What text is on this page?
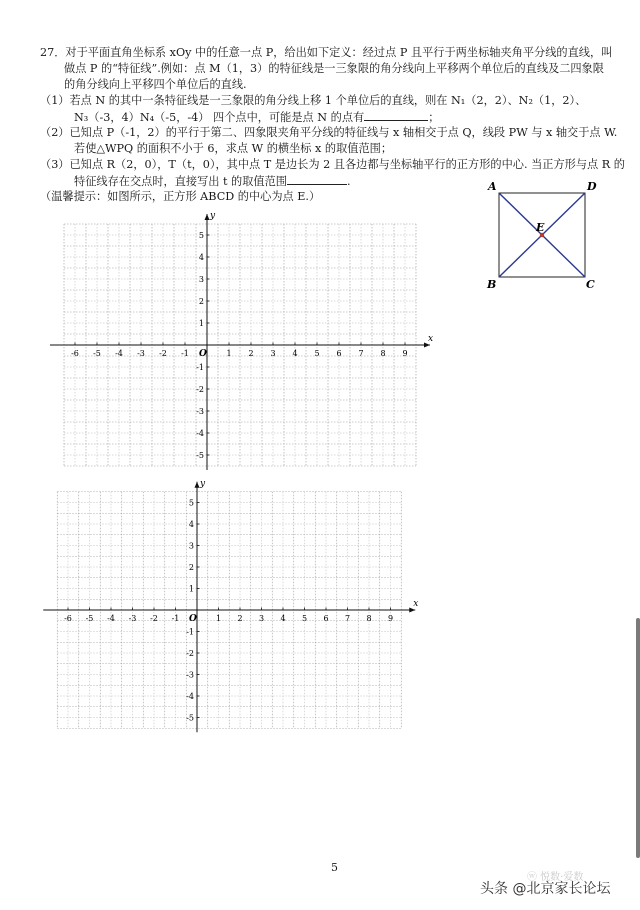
27．对于平面直角坐标系 xOy 中的任意一点 P，给出如下定义：经过点 P 且平行于两坐标轴夹角平分线的直线，叫
做点 P 的“特征线”.例如：点 M（1，3）的特征线是一三象限的角分线向上平移两个单位后的直线及二四象限
的角分线向上平移四个单位后的直线.
（1）若点 N 的其中一条特征线是一三象限的角分线上移 1 个单位后的直线，则在 N₁（2，2）、N₂（1，2）、
N₃（-3，4）N₄（-5，-4） 四个点中，可能是点 N 的点有	；
（2）已知点 P（-1，2）的平行于第二、四象限夹角平分线的特征线与 x 轴相交于点 Q，线段 PW 与 x 轴交于点 W.
若使△WPQ 的面积不小于 6，求点 W 的横坐标 x 的取值范围；
（3）已知点 R（2，0），T（t，0），其中点 T 是边长为 2 且各边都与坐标轴平行的正方形的中心. 当正方形与点 R 的
特征线存在交点时，直接写出 t 的取值范围	.
（温馨提示：如图所示，正方形 ABCD 的中心为点 E.）
A	D
B	C
E
x
y
O
-6 -5 -4 -3 -2 -1	1 2 3 4 5 6 7 8 9
-5
-4
-3
-2
-1
1
2
3
4
5
x
y
O
-6 -5 -4 -3 -2 -1	1 2 3 4 5 6 7 8 9
-5
-4
-3
-2
-1
1
2
3
4
5
5
ⓦ 悦数·爱数
头条 @北京家长论坛
